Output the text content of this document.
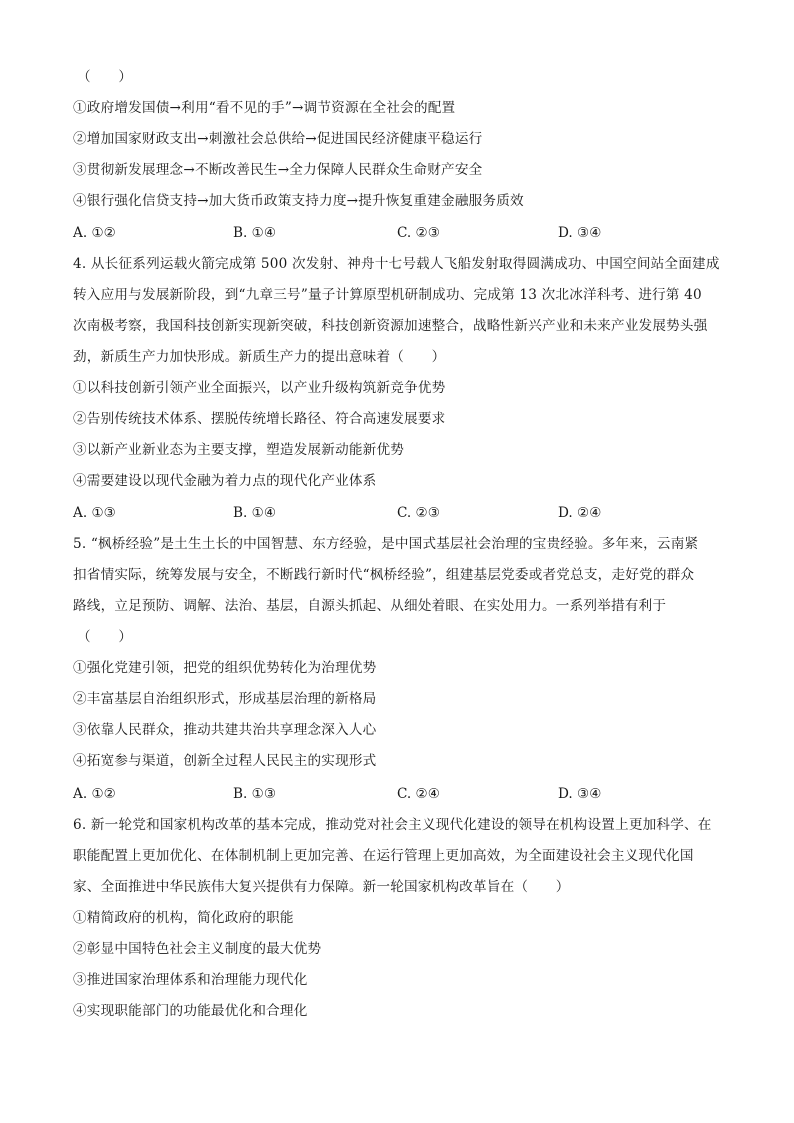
（　　）
①政府增发国债→利用“看不见的手”→调节资源在全社会的配置
②增加国家财政支出→刺激社会总供给→促进国民经济健康平稳运行
③贯彻新发展理念→不断改善民生→全力保障人民群众生命财产安全
④银行强化信贷支持→加大货币政策支持力度→提升恢复重建金融服务质效
A. ①②	B. ①④	C. ②③	D. ③④
4. 从长征系列运载火箭完成第 500 次发射、神舟十七号载人飞船发射取得圆满成功、中国空间站全面建成
转入应用与发展新阶段，到“九章三号”量子计算原型机研制成功、完成第 13 次北冰洋科考、进行第 40
次南极考察，我国科技创新实现新突破，科技创新资源加速整合，战略性新兴产业和未来产业发展势头强
劲，新质生产力加快形成。新质生产力的提出意味着（　　）
①以科技创新引领产业全面振兴，以产业升级构筑新竞争优势
②告别传统技术体系、摆脱传统增长路径、符合高速发展要求
③以新产业新业态为主要支撑，塑造发展新动能新优势
④需要建设以现代金融为着力点的现代化产业体系
A. ①③	B. ①④	C. ②③	D. ②④
5. “枫桥经验”是土生土长的中国智慧、东方经验，是中国式基层社会治理的宝贵经验。多年来，云南紧
扣省情实际，统筹发展与安全，不断践行新时代“枫桥经验”，组建基层党委或者党总支，走好党的群众
路线，立足预防、调解、法治、基层，自源头抓起、从细处着眼、在实处用力。一系列举措有利于
（　　）
①强化党建引领，把党的组织优势转化为治理优势
②丰富基层自治组织形式，形成基层治理的新格局
③依靠人民群众，推动共建共治共享理念深入人心
④拓宽参与渠道，创新全过程人民民主的实现形式
A. ①②	B. ①③	C. ②④	D. ③④
6. 新一轮党和国家机构改革的基本完成，推动党对社会主义现代化建设的领导在机构设置上更加科学、在
职能配置上更加优化、在体制机制上更加完善、在运行管理上更加高效，为全面建设社会主义现代化国
家、全面推进中华民族伟大复兴提供有力保障。新一轮国家机构改革旨在（　　）
①精简政府的机构，简化政府的职能
②彰显中国特色社会主义制度的最大优势
③推进国家治理体系和治理能力现代化
④实现职能部门的功能最优化和合理化
